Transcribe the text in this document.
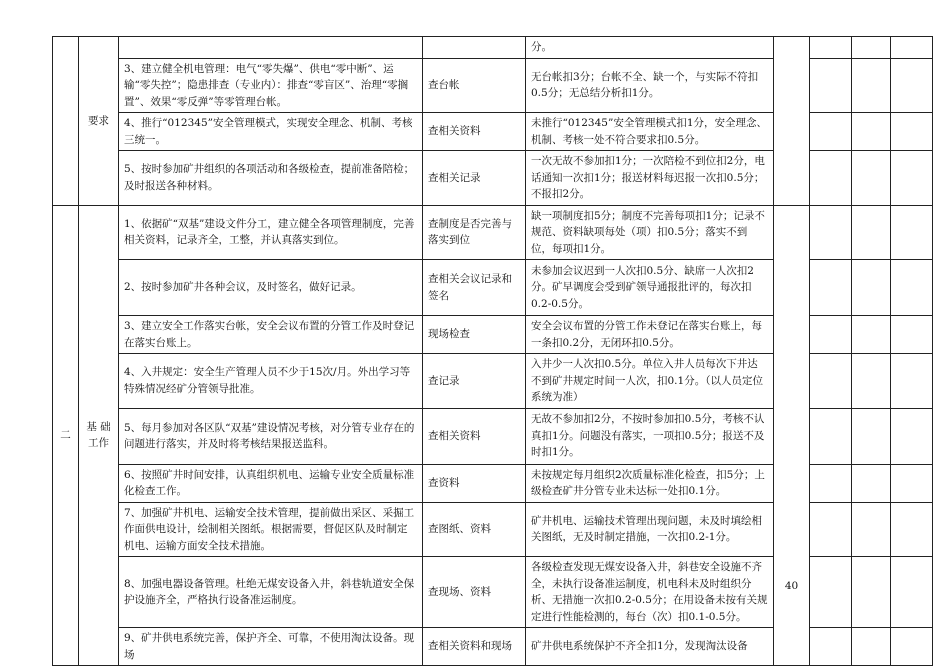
	要求			分。				
		3、建立健全机电管理：电气“零失爆”、供电“零中断”、运输“零失控”；隐患排查（专业内）：排查“零盲区”、治理“零搁置”、效果“零反弹”等零管理台帐。	查台帐	无台帐扣3分；台帐不全、缺一个，与实际不符扣0.5分；无总结分析扣1分。				
		4、推行“012345”安全管理模式，实现安全理念、机制、考核三统一。	查相关资料	未推行“012345”安全管理模式扣1分，安全理念、机制、考核一处不符合要求扣0.5分。				
		5、按时参加矿井组织的各项活动和各级检查，提前准备陪检；及时报送各种材料。	查相关记录	一次无故不参加扣1分；一次陪检不到位扣2分，电话通知一次扣1分；报送材料每迟报一次扣0.5分；不报扣2分。				
二	基 础 工作	1、依据矿“双基”建设文件分工，建立健全各项管理制度，完善相关资料，记录齐全，工整，并认真落实到位。	查制度是否完善与落实到位	缺一项制度扣5分；制度不完善每项扣1分；记录不规范、资料缺项每处（项）扣0.5分；落实不到位，每项扣1分。	40			
		2、按时参加矿井各种会议，及时签名，做好记录。	查相关会议记录和签名	未参加会议迟到一人次扣0.5分、缺席一人次扣2分。矿早调度会受到矿领导通报批评的，每次扣0.2-0.5分。				
		3、建立安全工作落实台帐，安全会议布置的分管工作及时登记在落实台账上。	现场检查	安全会议布置的分管工作未登记在落实台账上，每一条扣0.2分，无闭环扣0.5分。				
		4、入井规定：安全生产管理人员不少于15次/月。外出学习等特殊情况经矿分管领导批准。	查记录	入井少一人次扣0.5分。单位入井人员每次下井达不到矿井规定时间一人次，扣0.1分。（以人员定位系统为准）				
		5、每月参加对各区队“双基”建设情况考核，对分管专业存在的问题进行落实，并及时将考核结果报送监科。	查相关资料	无故不参加扣2分，不按时参加扣0.5分，考核不认真扣1分。问题没有落实，一项扣0.5分；报送不及时扣1分。				
		6、按照矿井时间安排，认真组织机电、运输专业安全质量标准化检查工作。	查资料	未按规定每月组织2次质量标准化检查，扣5分；上级检查矿井分管专业未达标一处扣0.1分。				
		7、加强矿井机电、运输安全技术管理，提前做出采区、采掘工作面供电设计，绘制相关图纸。根据需要，督促区队及时制定机电、运输方面安全技术措施。	查图纸、资料	矿井机电、运输技术管理出现问题，未及时填绘相关图纸，无及时制定措施，一次扣0.2-1分。				
		8、加强电器设备管理。杜绝无煤安设备入井，斜巷轨道安全保护设施齐全，严格执行设备准运制度。	查现场、资料	各级检查发现无煤安设备入井，斜巷安全设施不齐全，未执行设备准运制度，机电科未及时组织分析、无措施一次扣0.2-0.5分；在用设备未按有关规定进行性能检测的，每台（次）扣0.1-0.5分。				
		9、矿井供电系统完善，保护齐全、可靠，不使用淘汰设备。现场	查相关资料和现场	矿井供电系统保护不齐全扣1分，发现淘汰设备				
